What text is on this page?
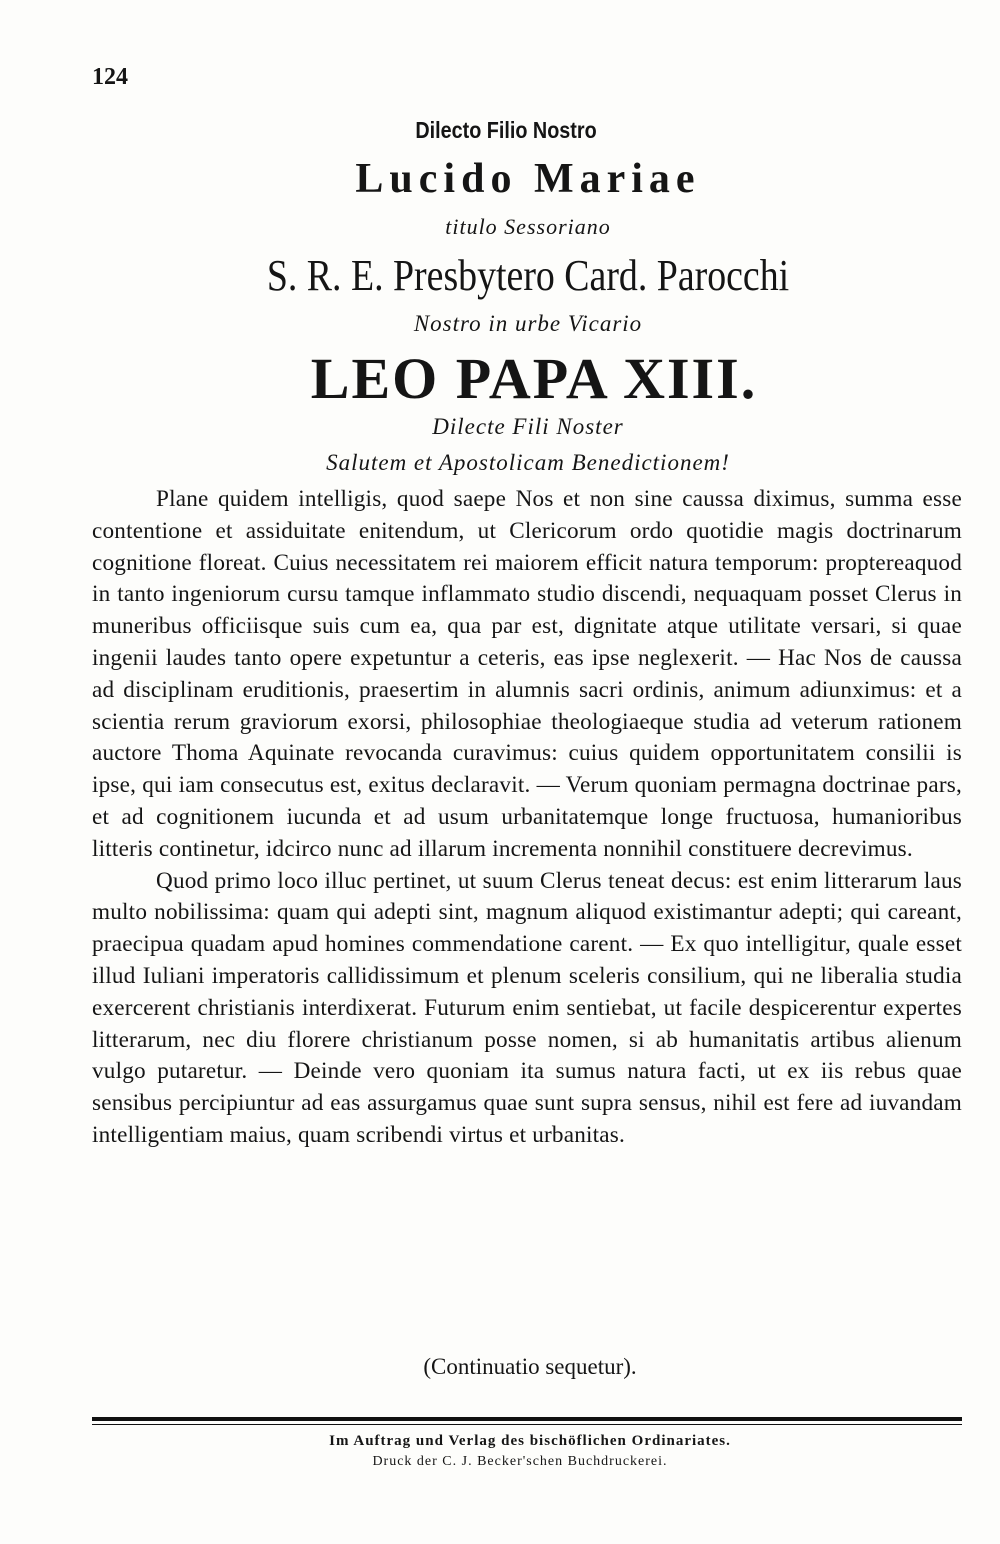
124
Dilecto Filio Nostro
Lucido Mariae
titulo Sessoriano
S. R. E. Presbytero Card. Parocchi
Nostro in urbe Vicario
LEO PAPA XIII.
Dilecte Fili Noster
Salutem et Apostolicam Benedictionem!

Plane quidem intelligis, quod saepe Nos et non sine caussa diximus, summa esse contentione et assiduitate enitendum, ut Clericorum ordo quotidie magis doctrinarum cognitione floreat. Cuius necessitatem rei maiorem efficit natura temporum: proptereaquod in tanto ingeniorum cursu tamque inflammato studio discendi, nequaquam posset Clerus in muneribus officiisque suis cum ea, qua par est, dignitate atque utilitate versari, si quae ingenii laudes tanto opere expetuntur a ceteris, eas ipse neglexerit. — Hac Nos de caussa ad disciplinam eruditionis, praesertim in alumnis sacri ordinis, animum adiunximus: et a scientia rerum graviorum exorsi, philosophiae theologiaeque studia ad veterum rationem auctore Thoma Aquinate revocanda curavimus: cuius quidem opportunitatem consilii is ipse, qui iam consecutus est, exitus declaravit. — Verum quoniam permagna doctrinae pars, et ad cognitionem iucunda et ad usum urbanitatemque longe fructuosa, humanioribus litteris continetur, idcirco nunc ad illarum incrementa nonnihil constituere decrevimus.

Quod primo loco illuc pertinet, ut suum Clerus teneat decus: est enim litterarum laus multo nobilissima: quam qui adepti sint, magnum aliquod existimantur adepti; qui careant, praecipua quadam apud homines commendatione carent. — Ex quo intelligitur, quale esset illud Iuliani imperatoris callidissimum et plenum sceleris consilium, qui ne liberalia studia exercerent christianis interdixerat. Futurum enim sentiebat, ut facile despicerentur expertes litterarum, nec diu florere christianum posse nomen, si ab humanitatis artibus alienum vulgo putaretur. — Deinde vero quoniam ita sumus natura facti, ut ex iis rebus quae sensibus percipiuntur ad eas assurgamus quae sunt supra sensus, nihil est fere ad iuvandam intelligentiam maius, quam scribendi virtus et urbanitas.

(Continuatio sequetur).
Im Auftrag und Verlag des bischöflichen Ordinariates.
Druck der C. J. Becker'schen Buchdruckerei.
